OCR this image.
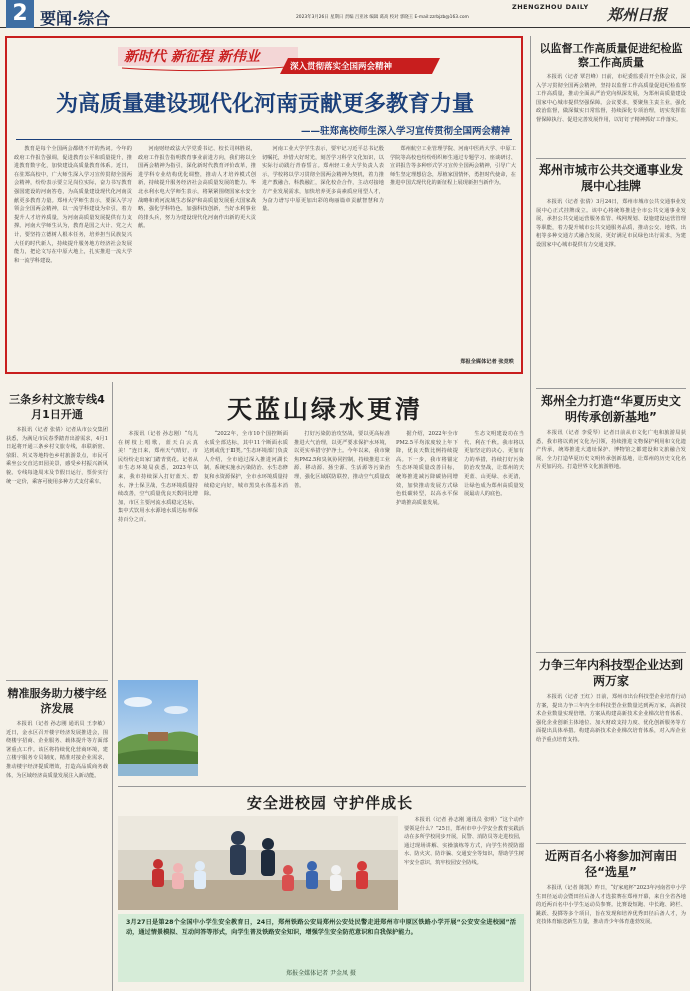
2 要闻·综合
ZHENGZHOU DAILY 郑州日报
2023年3月26日 星期日 责编 吕亚冰 编辑 葛高 校对 郭晓王 E-mail:zzrbjzb@163.com
新时代 新征程 新伟业
深入贯彻落实全国两会精神
为高质量建设现代化河南贡献更多教育力量
——驻郑高校师生深入学习宣传贯彻全国两会精神

教育是每个全国两会都绕不开的热词。今年的政府工作报告强调，促进教育公平和质量提升，推进教育数字化，加快建设高质量教育体系。近日，在驻郑高校中，广大师生深入学习宣传贯彻全国两会精神，纷纷表示要立足岗位实际，奋力书写教育强国建设的河南答卷，为高质量建设现代化河南贡献更多教育力量。郑州大学师生表示，要深入学习领会全国两会精神，以一流学科建设为牵引，着力提升人才培养质量，为河南高质量发展提供有力支撑。河南大学师生认为，教育是国之大计、党之大计，要坚持立德树人根本任务，培养担当民族复兴大任的时代新人，持续提升服务地方经济社会发展能力，把论文写在中原大地上，扎实推进一流大学和一流学科建设。

河南财经政法大学党委书记、校长司林胜说，政府工作报告指明教育事业前进方向，我们将以全国两会精神为指引，深化新时代教育评价改革，推进学科专业结构优化调整，推动人才培养模式创新，持续提升服务经济社会高质量发展的能力。华北水利水电大学师生表示，将紧紧围绕国家水安全战略和黄河流域生态保护和高质量发展重大国家战略，强化学科特色，加强科技创新，当好水利事业的排头兵，努力为建设现代化河南作出新的更大贡献。

河南工业大学学生表示，要牢记习近平总书记殷切嘱托，珍惜大好时光，刻苦学习科学文化知识，以实际行动践行青春誓言。郑州轻工业大学负责人表示，学校将以学习贯彻全国两会精神为契机，着力推进产教融合、科教融汇，深化校企合作，主动对接地方产业发展需求，加快培养更多高素质应用型人才，为奋力谱写中原更加出彩的绚丽篇章贡献智慧和力量。

郑州航空工业管理学院、河南中医药大学、中原工学院等高校也纷纷组织师生通过专题学习、座谈研讨、宣讲报告等多种形式学习宣传全国两会精神，引导广大师生坚定理想信念，厚植家国情怀，勇担时代使命，在推进中国式现代化的新征程上展现新担当新作为。

郑报全媒体记者 张竞昳
以监督工作高质量促进纪检监察工作高质量

本报讯（记者 覃岩峰）日前，市纪委监委召开全体会议，深入学习贯彻全国两会精神，坚持以监督工作高质量促进纪检监察工作高质量，推动全面从严治党向纵深发展，为郑州高质量建设国家中心城市提供坚强保障。会议要求，要聚焦主责主业，强化政治监督，做深做实日常监督，持续深化专项治理，切实发挥监督保障执行、促进完善发展作用，以钉钉子精神抓好工作落实。

郑州市城市公共交通事业发展中心挂牌

本报讯（记者 张倩）3月24日，郑州市城市公共交通事业发展中心正式挂牌成立。该中心将统筹推进全市公共交通事业发展，承担公共交通运营服务监管、线网规划、设施建设运营管理等职能，着力提升城市公共交通服务品质，推动公交、地铁、出租等多种交通方式融合发展，更好满足市民绿色出行需求，为建设国家中心城市提供有力交通支撑。

郑州全力打造“华夏历史文明传承创新基地”

本报讯（记者 李爱琴）记者日前从市文化广电和旅游局获悉，我市将以黄河文化为引领，持续推进文物保护利用和文化遗产传承，统筹推进大遗址保护、博物馆之都建设和文旅融合发展，全力打造华夏历史文明传承创新基地，让郑州的历史文化名片更加闪亮。打造世界文化旅游胜地。

力争三年内科技型企业达到两万家

本报讯（记者 王红）日前，郑州市出台科技型企业培育行动方案，提出力争三年内全市科技型企业数量达到两万家，高新技术企业数量实现倍增。方案从构建高新技术企业梯次培育体系、强化企业创新主体地位、加大财政支持力度、优化创新服务等方面提出具体举措。构建高新技术企业梯次培育体系，对入库企业给予重点培育支持。

近两百名小将参加河南田径“选星”

本报讯（记者 陈凯）昨日，“好家庭杯”2023年河南省中小学生田径运动会暨田径后备人才选拔赛在郑州开幕，来自全省各地的近两百名中小学生运动员参赛。比赛设短跑、中长跑、跨栏、跳跃、投掷等多个项目，旨在发现和培养优秀田径后备人才，为竞技体育输送新生力量，推动青少年体育蓬勃发展。

三条乡村文旅专线4月1日开通

本报讯（记者 张倩）记者从市公交集团获悉，为满足市民春季踏青出游需求，4月1日起将开通三条乡村文旅专线，串联新密、荥阳、巩义等地特色乡村旅游景点，市民可乘坐公交直达田园美景，感受乡村振兴新风貌。专线每逢周末及节假日运行，票价实行统一定价，乘客可使用多种方式支付乘车。

精准服务助力楼宇经济发展

本报讯（记者 孙志刚 通讯员 王李敏）近日，金水区召开楼宇经济发展推进会，围绕楼宇招商、企业服务、载体提升等方面部署重点工作。该区将持续优化营商环境，建立楼宇服务专员制度，精准对接企业需求，推动楼宇经济提质增效，打造高品质商务载体，为区域经济高质量发展注入新动能。

天蓝山绿水更清

本报讯（记者 孙志刚）“鸟儿在树枝上唱歌，蓝天白云真美！”连日来，郑州天气晴好，市民纷纷走出家门踏青赏花。记者从市生态环境局获悉，2023年以来，我市持续深入打好蓝天、碧水、净土保卫战，生态环境质量持续改善，空气质量优良天数同比增加，市区主要河流水质稳定达标，集中式饮用水水源地水质达标率保持百分之百。

“2022年，全市10个国控断面水质全部达标，其中11个断面水质达到或优于Ⅲ类。”生态环境部门负责人介绍，全市通过深入推进河湖长制，系统实施水污染防治、水生态修复和水资源保护，全市水环境质量持续稳定向好，城市黑臭水体基本消除。

打好污染防治攻坚战，要以更高标准推进大气治理，以更严要求保护水环境，以更实举措守护净土。今年以来，我市聚焦PM2.5和臭氧协同控制，持续推进工业源、移动源、扬尘源、生活源等污染治理，强化区域联防联控，推动空气质量改善。

据介绍，2022年全市PM2.5平均浓度较上年下降，优良天数比例持续提高。下一步，我市将锚定生态环境质量改善目标，统筹推进减污降碳协同增效，加快推动发展方式绿色低碳转型，以高水平保护助推高质量发展。

生态文明建设功在当代、利在千秋。我市将以更加坚定的决心、更加有力的举措，持续打好污染防治攻坚战，让郑州的天更蓝、山更绿、水更清，让绿色成为郑州高质量发展最动人的底色。

安全进校园 守护伴成长

本报讯（记者 孙志刚 通讯员 张明）“这个动作要领是什么？”25日，郑州市中小学安全教育实践活动在多所学校同步开展，民警、消防员等走进校园，通过现场讲解、实操演练等方式，向学生传授防溺水、防火灾、防诈骗、交通安全等知识，帮助学生树牢安全意识，筑牢校园安全防线。

3月27日是第28个全国中小学生安全教育日，24日，郑州铁路公安局郑州公安处民警走进郑州市中原区铁路小学开展“公安安全进校园”活动，通过情景模拟、互动问答等形式，向学生普及铁路安全知识，增强学生安全防范意识和自我保护能力。
郑报全媒体记者 尹金凤 摄
